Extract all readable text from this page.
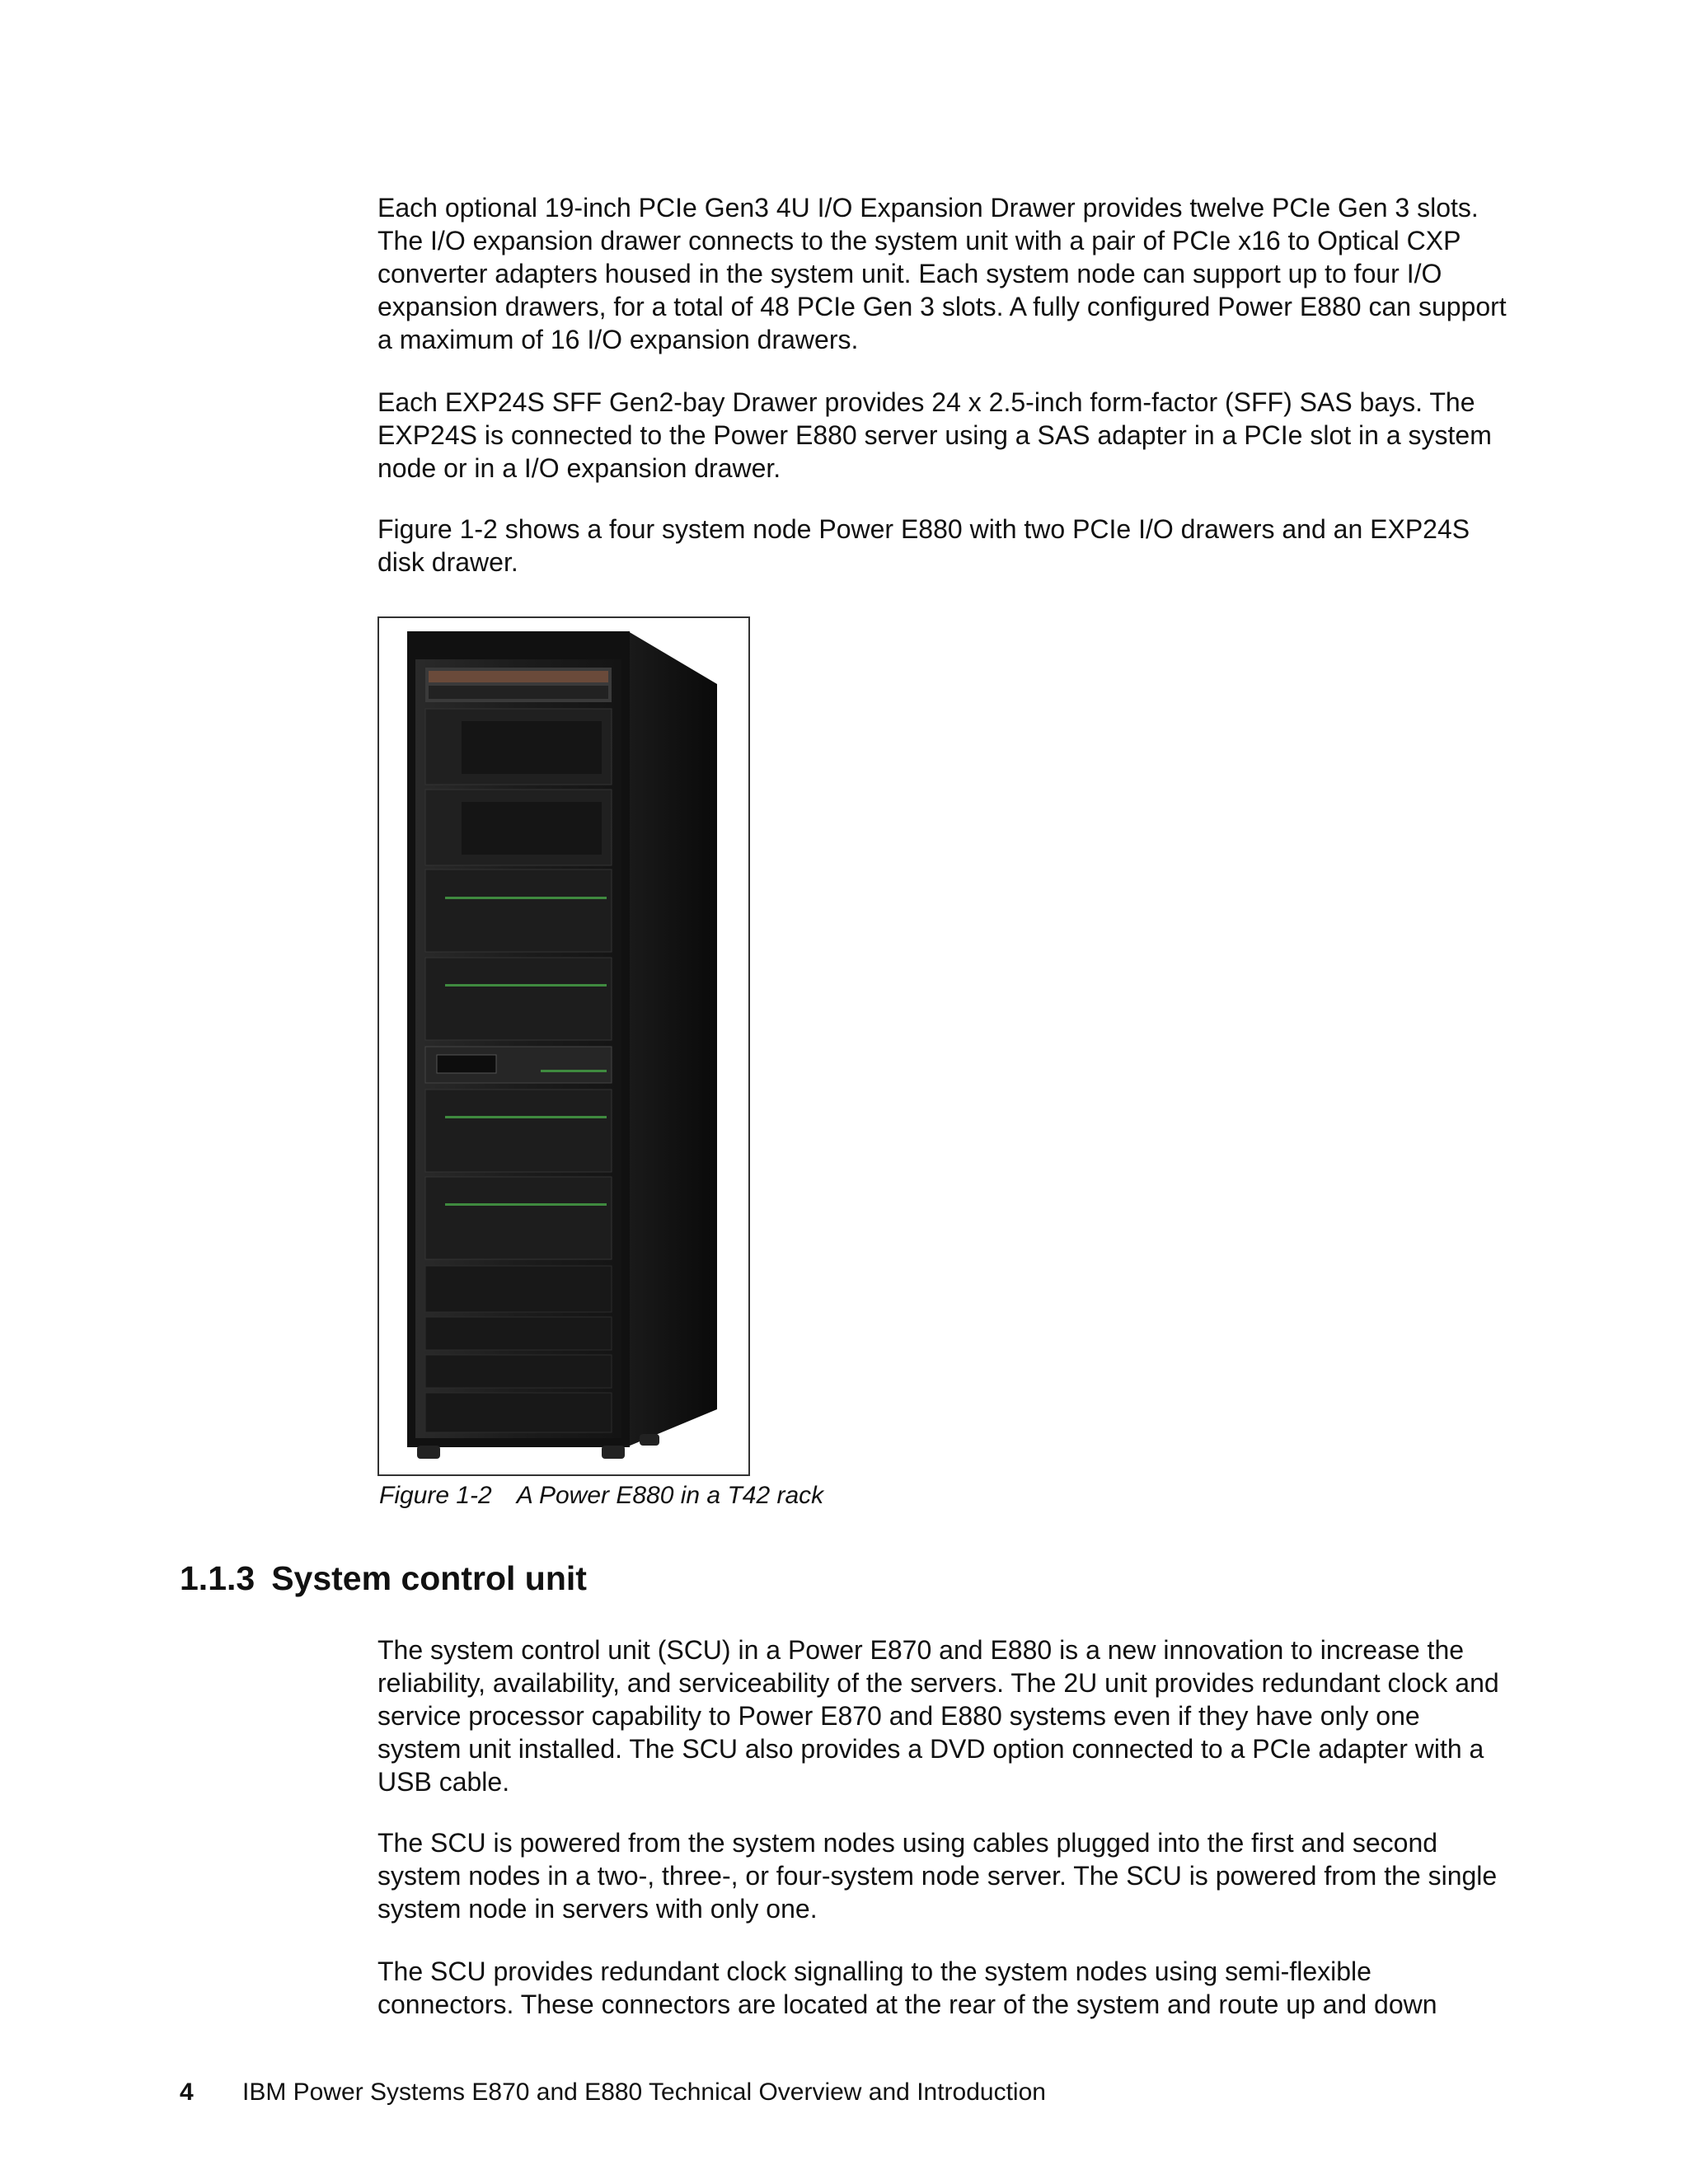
Each optional 19-inch PCIe Gen3 4U I/O Expansion Drawer provides twelve PCIe Gen 3 slots. The I/O expansion drawer connects to the system unit with a pair of PCIe x16 to Optical CXP converter adapters housed in the system unit. Each system node can support up to four I/O expansion drawers, for a total of 48 PCIe Gen 3 slots. A fully configured Power E880 can support a maximum of 16 I/O expansion drawers.

Each EXP24S SFF Gen2-bay Drawer provides 24 x 2.5-inch form-factor (SFF) SAS bays. The EXP24S is connected to the Power E880 server using a SAS adapter in a PCIe slot in a system node or in a I/O expansion drawer.

Figure 1-2 shows a four system node Power E880 with two PCIe I/O drawers and an EXP24S disk drawer.

Figure 1-2 A Power E880 in a T42 rack
1.1.3 System control unit

The system control unit (SCU) in a Power E870 and E880 is a new innovation to increase the reliability, availability, and serviceability of the servers. The 2U unit provides redundant clock and service processor capability to Power E870 and E880 systems even if they have only one system unit installed. The SCU also provides a DVD option connected to a PCIe adapter with a USB cable.

The SCU is powered from the system nodes using cables plugged into the first and second system nodes in a two-, three-, or four-system node server. The SCU is powered from the single system node in servers with only one.

The SCU provides redundant clock signalling to the system nodes using semi-flexible connectors. These connectors are located at the rear of the system and route up and down

4 IBM Power Systems E870 and E880 Technical Overview and Introduction
